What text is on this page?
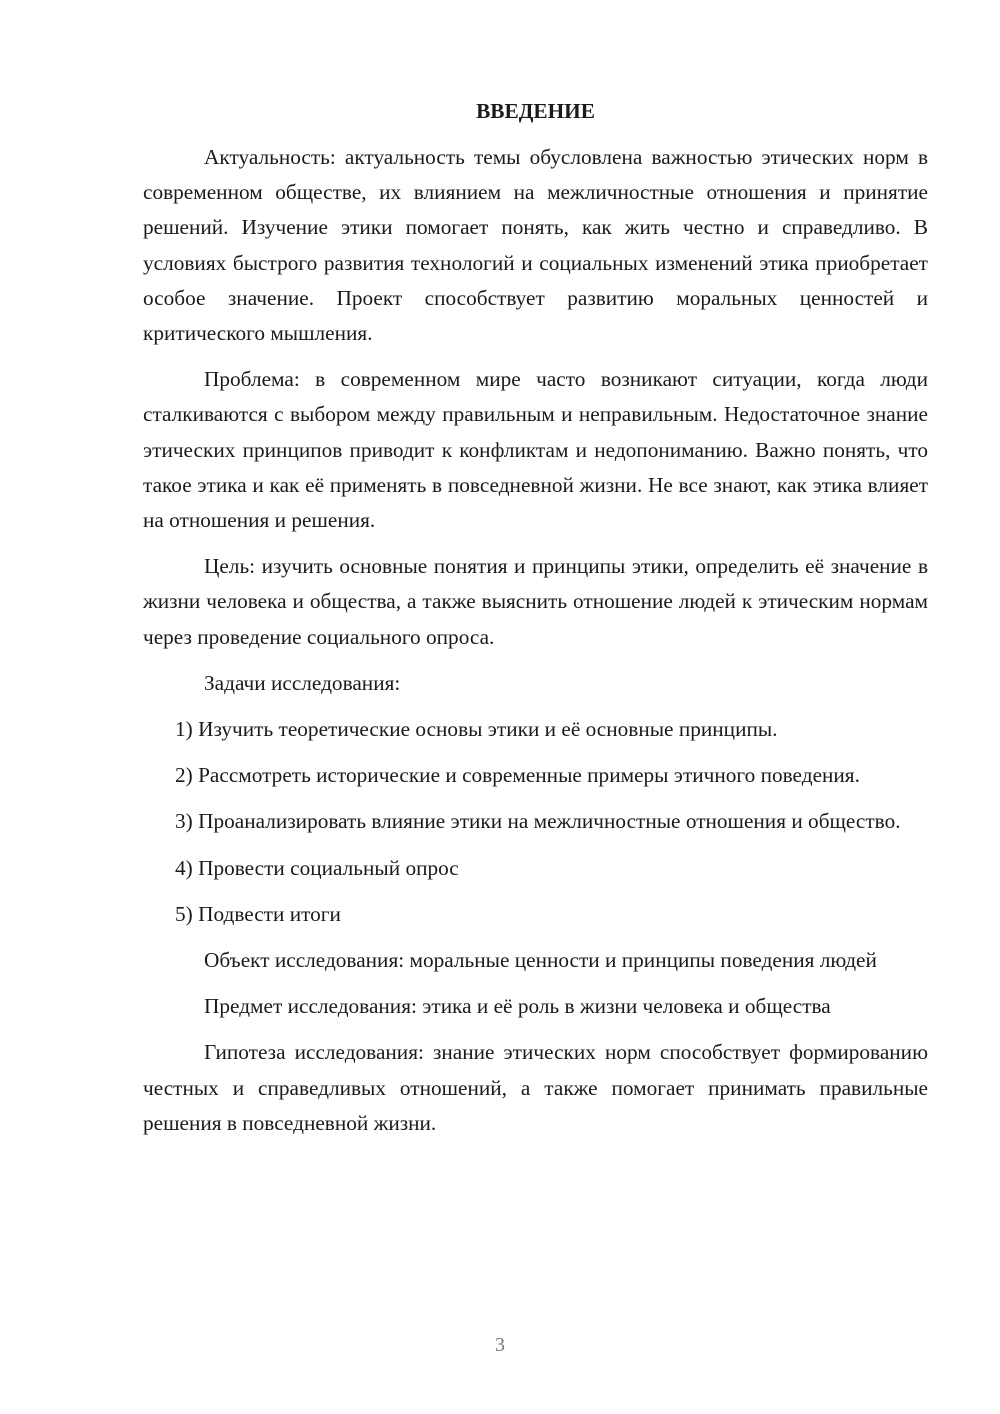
ВВЕДЕНИЕ

Актуальность: актуальность темы обусловлена важностью этических норм в современном обществе, их влиянием на межличностные отношения и принятие решений. Изучение этики помогает понять, как жить честно и справедливо. В условиях быстрого развития технологий и социальных изменений этика приобретает особое значение. Проект способствует развитию моральных ценностей и критического мышления.

Проблема: в современном мире часто возникают ситуации, когда люди сталкиваются с выбором между правильным и неправильным. Недостаточное знание этических принципов приводит к конфликтам и недопониманию. Важно понять, что такое этика и как её применять в повседневной жизни. Не все знают, как этика влияет на отношения и решения.

Цель: изучить основные понятия и принципы этики, определить её значение в жизни человека и общества, а также выяснить отношение людей к этическим нормам через проведение социального опроса.

Задачи исследования:

1) Изучить теоретические основы этики и её основные принципы.

2) Рассмотреть исторические и современные примеры этичного поведения.

3) Проанализировать влияние этики на межличностные отношения и общество.

4) Провести социальный опрос

5) Подвести итоги

Объект исследования: моральные ценности и принципы поведения людей

Предмет исследования: этика и её роль в жизни человека и общества

Гипотеза исследования: знание этических норм способствует формированию честных и справедливых отношений, а также помогает принимать правильные решения в повседневной жизни.

3
